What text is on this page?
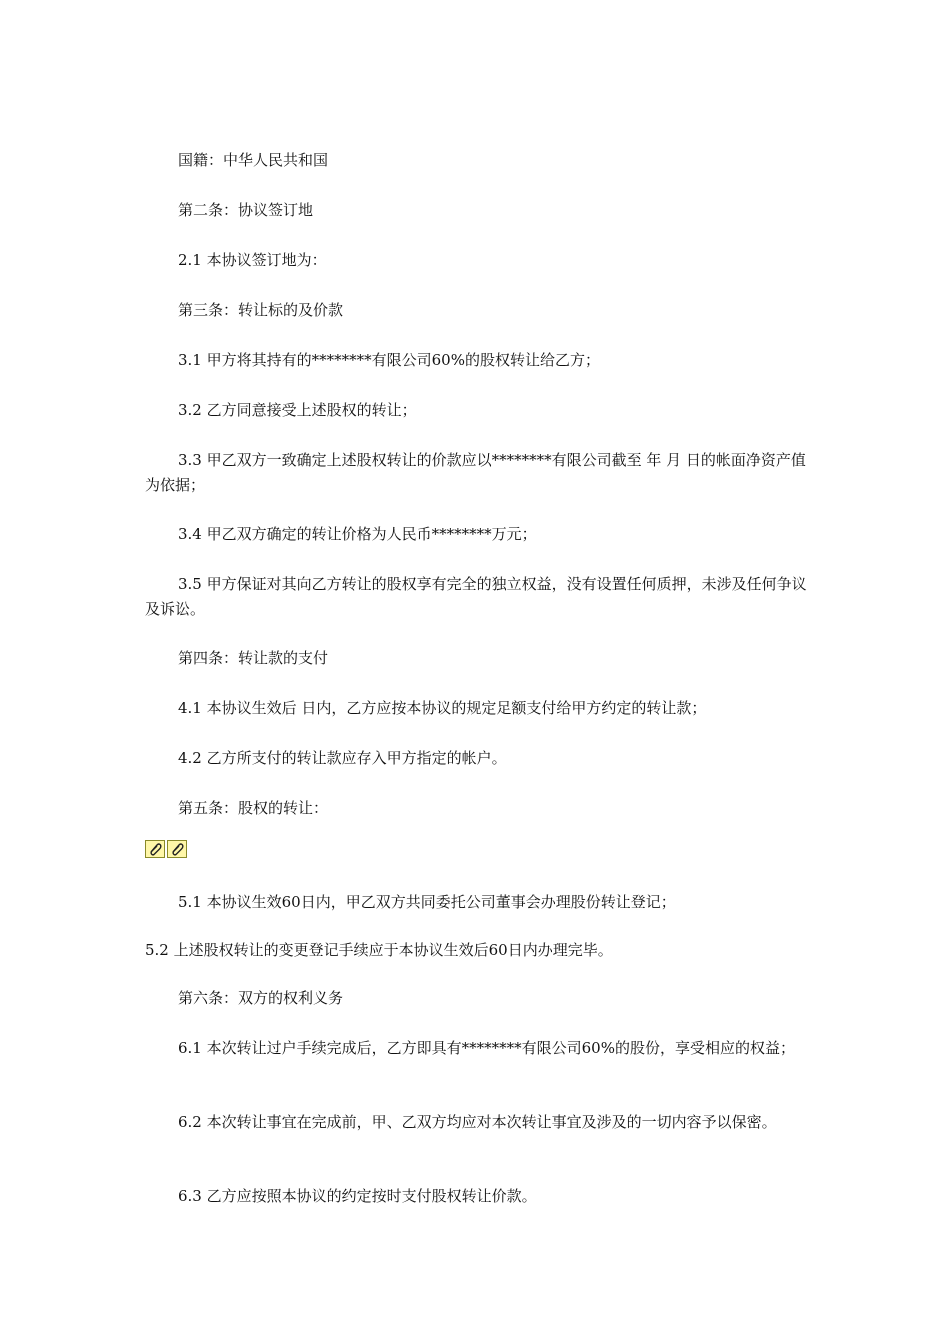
国籍：中华人民共和国

第二条：协议签订地

2.1 本协议签订地为：

第三条：转让标的及价款

3.1 甲方将其持有的********有限公司60%的股权转让给乙方；

3.2 乙方同意接受上述股权的转让；

3.3 甲乙双方一致确定上述股权转让的价款应以********有限公司截至 年 月 日的帐面净资产值为依据；

3.4 甲乙双方确定的转让价格为人民币********万元；

3.5 甲方保证对其向乙方转让的股权享有完全的独立权益，没有设置任何质押，未涉及任何争议及诉讼。

第四条：转让款的支付

4.1 本协议生效后 日内，乙方应按本协议的规定足额支付给甲方约定的转让款；

4.2 乙方所支付的转让款应存入甲方指定的帐户。

第五条：股权的转让：

5.1 本协议生效60日内，甲乙双方共同委托公司董事会办理股份转让登记；

5.2 上述股权转让的变更登记手续应于本协议生效后60日内办理完毕。

第六条：双方的权利义务

6.1 本次转让过户手续完成后，乙方即具有********有限公司60%的股份，享受相应的权益；

6.2 本次转让事宜在完成前，甲、乙双方均应对本次转让事宜及涉及的一切内容予以保密。

6.3 乙方应按照本协议的约定按时支付股权转让价款。
